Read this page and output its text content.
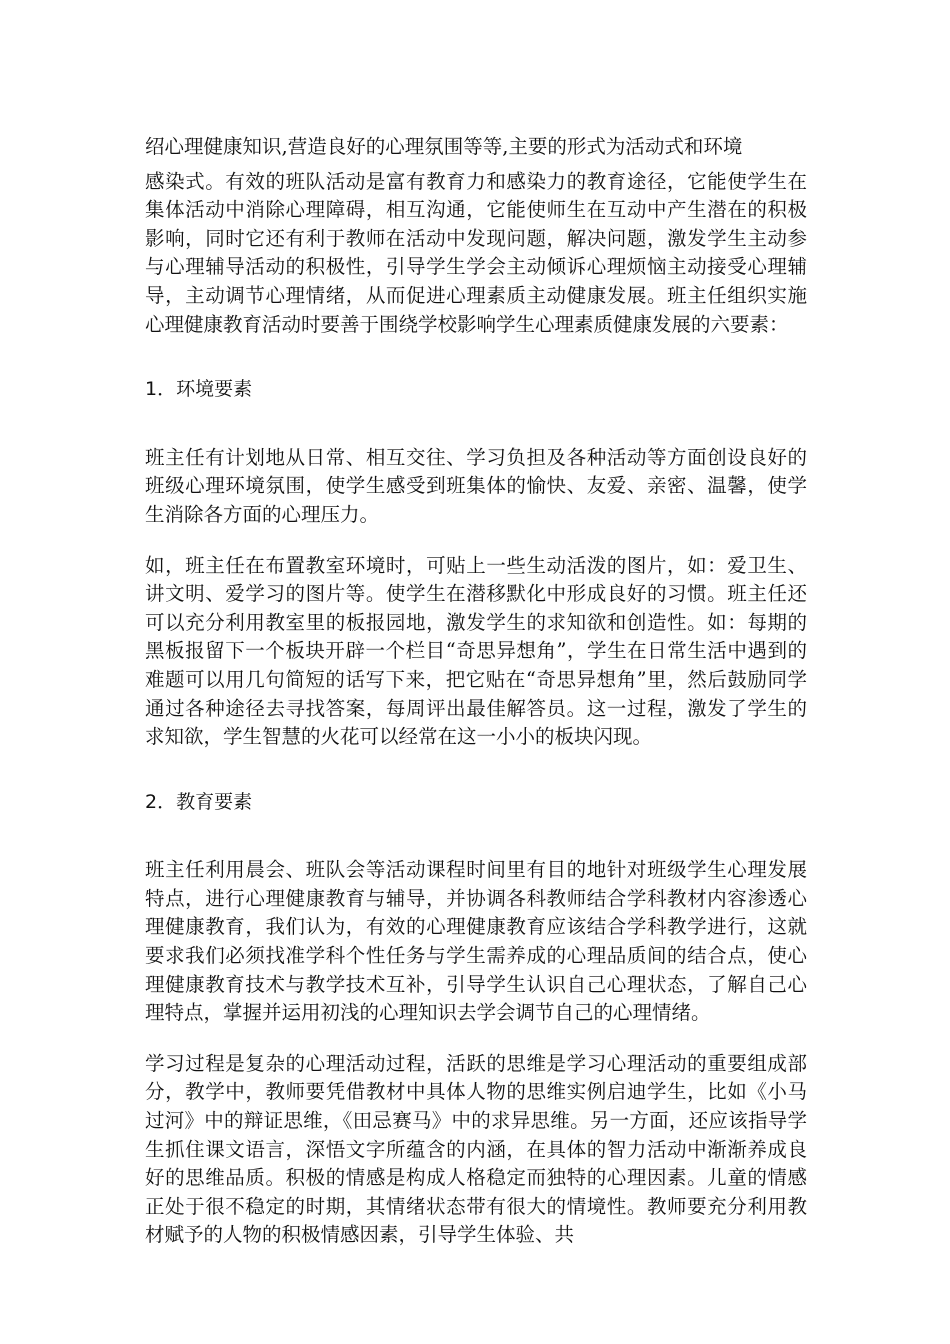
绍心理健康知识,营造良好的心理氛围等等,主要的形式为活动式和环境

感染式。有效的班队活动是富有教育力和感染力的教育途径，它能使学生在集体活动中消除心理障碍，相互沟通，它能使师生在互动中产生潜在的积极影响，同时它还有利于教师在活动中发现问题，解决问题，激发学生主动参与心理辅导活动的积极性，引导学生学会主动倾诉心理烦恼主动接受心理辅导，主动调节心理情绪，从而促进心理素质主动健康发展。班主任组织实施心理健康教育活动时要善于围绕学校影响学生心理素质健康发展的六要素：

1．环境要素

班主任有计划地从日常、相互交往、学习负担及各种活动等方面创设良好的班级心理环境氛围，使学生感受到班集体的愉快、友爱、亲密、温馨，使学生消除各方面的心理压力。

如，班主任在布置教室环境时，可贴上一些生动活泼的图片，如：爱卫生、讲文明、爱学习的图片等。使学生在潜移默化中形成良好的习惯。班主任还可以充分利用教室里的板报园地，激发学生的求知欲和创造性。如：每期的黑板报留下一个板块开辟一个栏目“奇思异想角”，学生在日常生活中遇到的难题可以用几句简短的话写下来，把它贴在“奇思异想角”里，然后鼓励同学通过各种途径去寻找答案，每周评出最佳解答员。这一过程，激发了学生的求知欲，学生智慧的火花可以经常在这一小小的板块闪现。

2．教育要素

班主任利用晨会、班队会等活动课程时间里有目的地针对班级学生心理发展特点，进行心理健康教育与辅导，并协调各科教师结合学科教材内容渗透心理健康教育，我们认为，有效的心理健康教育应该结合学科教学进行，这就要求我们必须找准学科个性任务与学生需养成的心理品质间的结合点，使心理健康教育技术与教学技术互补，引导学生认识自己心理状态，了解自己心理特点，掌握并运用初浅的心理知识去学会调节自己的心理情绪。

学习过程是复杂的心理活动过程，活跃的思维是学习心理活动的重要组成部分，教学中，教师要凭借教材中具体人物的思维实例启迪学生，比如《小马过河》中的辩证思维，《田忌赛马》中的求异思维。另一方面，还应该指导学生抓住课文语言，深悟文字所蕴含的内涵，在具体的智力活动中渐渐养成良好的思维品质。积极的情感是构成人格稳定而独特的心理因素。儿童的情感正处于很不稳定的时期，其情绪状态带有很大的情境性。教师要充分利用教材赋予的人物的积极情感因素，引导学生体验、共
